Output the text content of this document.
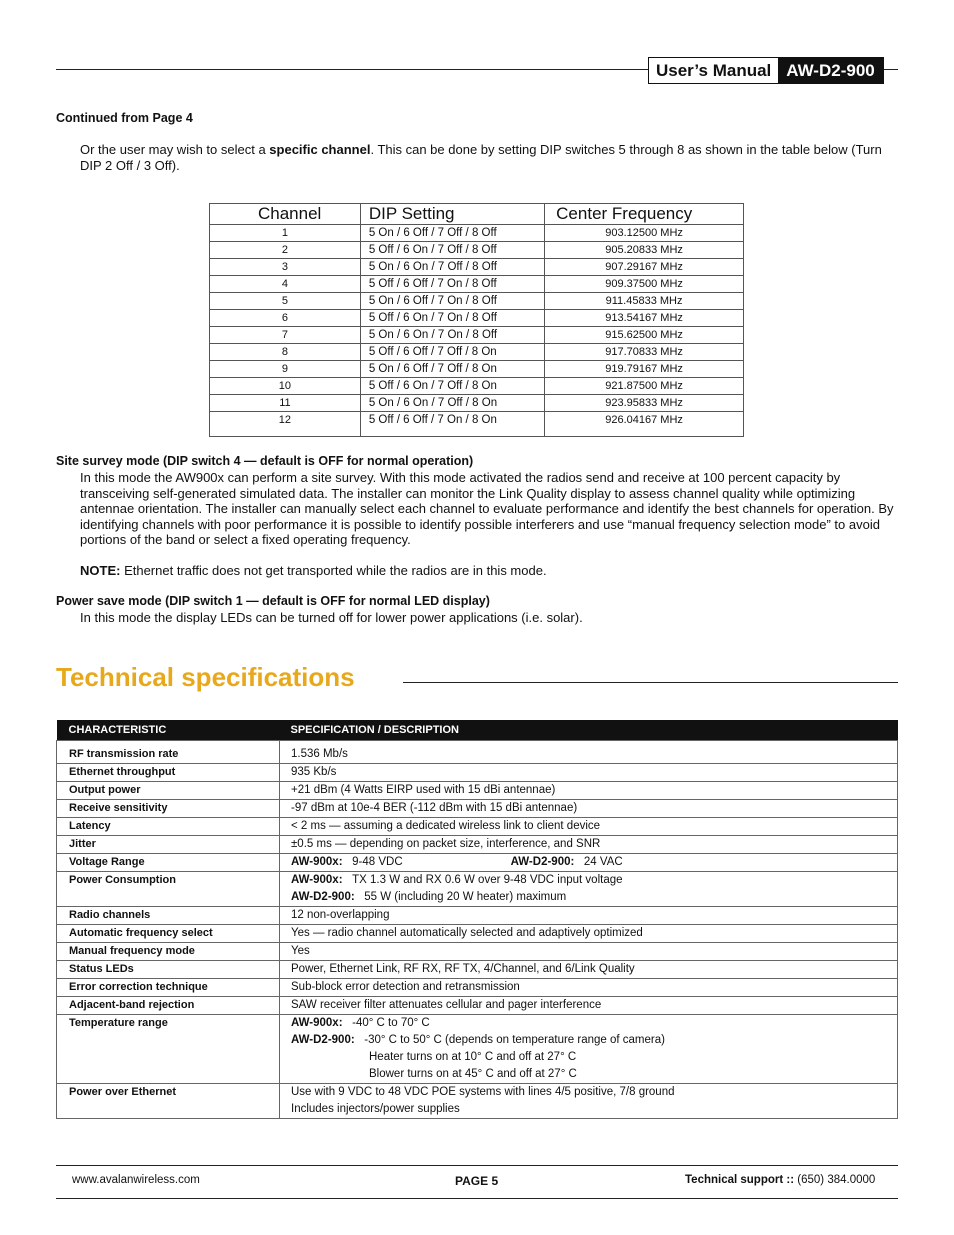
User’s Manual AW-D2-900
Continued from Page 4
Or the user may wish to select a specific channel. This can be done by setting DIP switches 5 through 8 as shown in the table below (Turn DIP 2 Off / 3 Off).
Channel	DIP Setting	Center Frequency
1	5 On / 6 Off / 7 Off / 8 Off	903.12500 MHz
2	5 Off / 6 On / 7 Off / 8 Off	905.20833 MHz
3	5 On / 6 On / 7 Off / 8 Off	907.29167 MHz
4	5 Off / 6 Off / 7 On / 8 Off	909.37500 MHz
5	5 On / 6 Off / 7 On / 8 Off	911.45833 MHz
6	5 Off / 6 On / 7 On / 8 Off	913.54167 MHz
7	5 On / 6 On / 7 On / 8 Off	915.62500 MHz
8	5 Off / 6 Off / 7 Off / 8 On	917.70833 MHz
9	5 On / 6 Off / 7 Off / 8 On	919.79167 MHz
10	5 Off / 6 On / 7 Off / 8 On	921.87500 MHz
11	5 On / 6 On / 7 Off / 8 On	923.95833 MHz
12	5 Off / 6 Off / 7 On / 8 On	926.04167 MHz
Site survey mode (DIP switch 4 — default is OFF for normal operation)
In this mode the AW900x can perform a site survey. With this mode activated the radios send and receive at 100 percent capacity by transceiving self-generated simulated data. The installer can monitor the Link Quality display to assess channel quality while optimizing antennae orientation. The installer can manually select each channel to evaluate performance and identify the best channels for operation. By identifying channels with poor performance it is possible to identify possible interferers and use “manual frequency selection mode” to avoid portions of the band or select a fixed operating frequency.
NOTE: Ethernet traffic does not get transported while the radios are in this mode.
Power save mode (DIP switch 1 — default is OFF for normal LED display)
In this mode the display LEDs can be turned off for lower power applications (i.e. solar).
Technical specifications
CHARACTERISTIC	SPECIFICATION / DESCRIPTION
RF transmission rate	1.536 Mb/s
Ethernet throughput	935 Kb/s
Output power	+21 dBm (4 Watts EIRP used with 15 dBi antennae)
Receive sensitivity	-97 dBm at 10e-4 BER (-112 dBm with 15 dBi antennae)
Latency	< 2 ms — assuming a dedicated wireless link to client device
Jitter	±0.5 ms — depending on packet size, interference, and SNR
Voltage Range	AW-900x: 9-48 VDC AW-D2-900: 24 VAC
Power Consumption	AW-900x: TX 1.3 W and RX 0.6 W over 9-48 VDC input voltage
AW-D2-900: 55 W (including 20 W heater) maximum

Radio channels	12 non-overlapping
Automatic frequency select	Yes — radio channel automatically selected and adaptively optimized
Manual frequency mode	Yes
Status LEDs	Power, Ethernet Link, RF RX, RF TX, 4/Channel, and 6/Link Quality
Error correction technique	Sub-block error detection and retransmission
Adjacent-band rejection	SAW receiver filter attenuates cellular and pager interference
Temperature range	AW-900x: -40° C to 70° C
AW-D2-900: -30° C to 50° C (depends on temperature range of camera)
Heater turns on at 10° C and off at 27° C
Blower turns on at 45° C and off at 27° C

Power over Ethernet	Use with 9 VDC to 48 VDC POE systems with lines 4/5 positive, 7/8 ground
Includes injectors/power supplies
www.avalanwireless.com	PAGE 5	Technical support :: (650) 384.0000
